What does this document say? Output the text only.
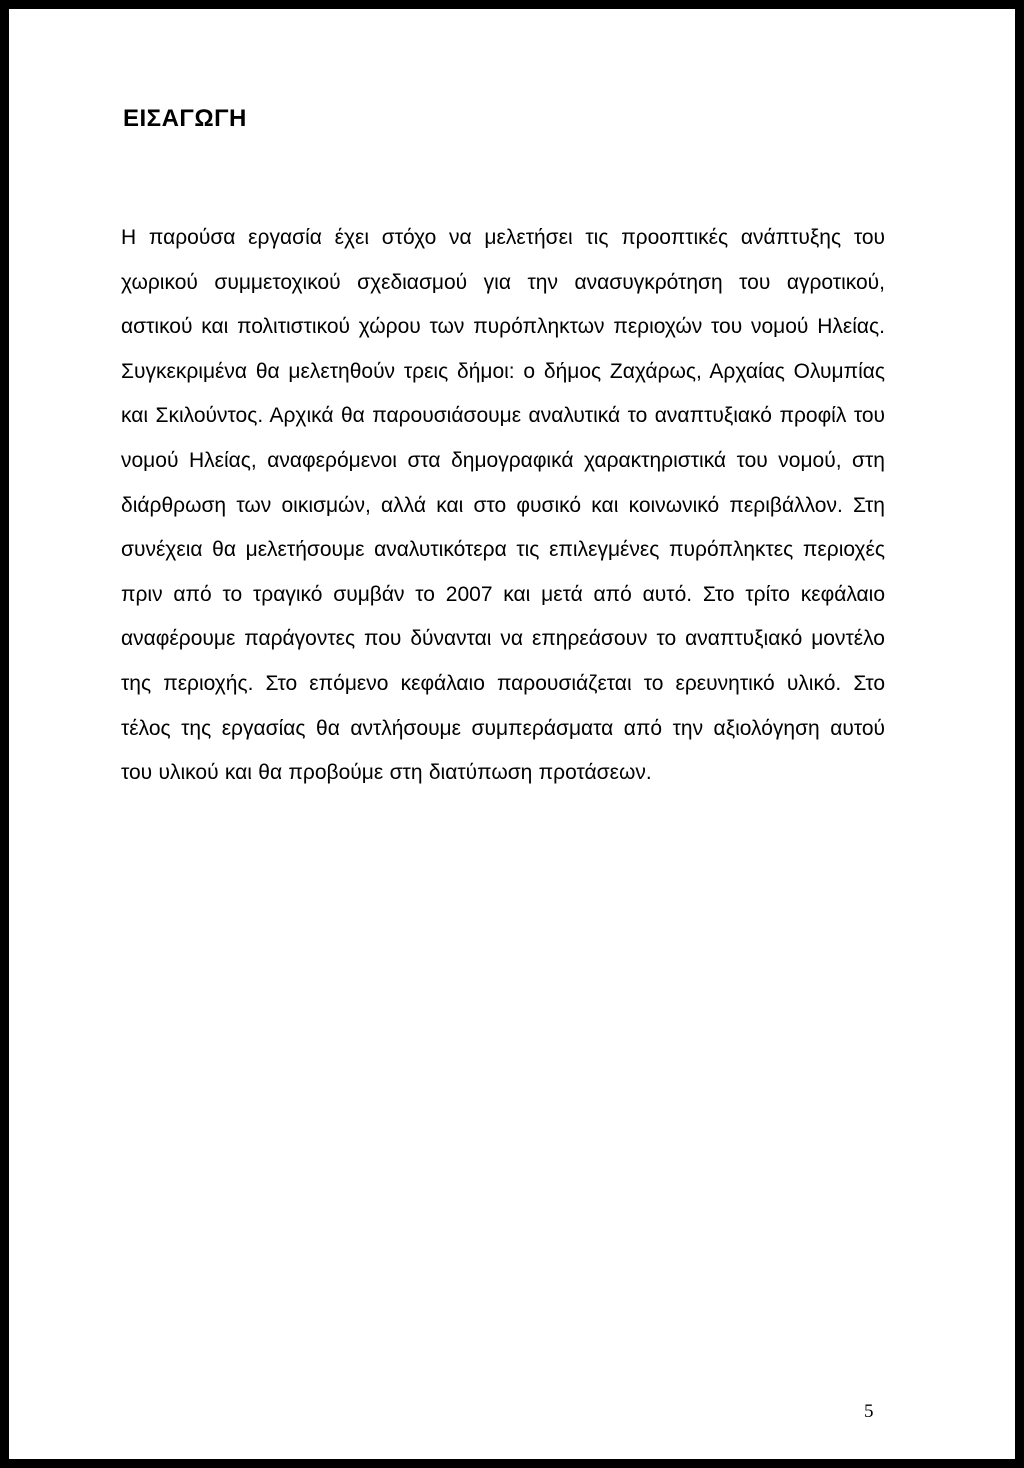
ΕΙΣΑΓΩΓΗ

Η παρούσα εργασία έχει στόχο να μελετήσει τις προοπτικές ανάπτυξης του χωρικού συμμετοχικού σχεδιασμού για την ανασυγκρότηση του αγροτικού, αστικού και πολιτιστικού χώρου των πυρόπληκτων περιοχών του νομού Ηλείας. Συγκεκριμένα θα μελετηθούν τρεις δήμοι: ο δήμος Ζαχάρως, Αρχαίας Ολυμπίας και Σκιλούντος. Αρχικά θα παρουσιάσουμε αναλυτικά το αναπτυξιακό προφίλ του νομού Ηλείας, αναφερόμενοι στα δημογραφικά χαρακτηριστικά του νομού, στη διάρθρωση των οικισμών, αλλά και στο φυσικό και κοινωνικό περιβάλλον. Στη συνέχεια θα μελετήσουμε αναλυτικότερα τις επιλεγμένες πυρόπληκτες περιοχές πριν από το τραγικό συμβάν το 2007 και μετά από αυτό. Στο τρίτο κεφάλαιο αναφέρουμε παράγοντες που δύνανται να επηρεάσουν το αναπτυξιακό μοντέλο της περιοχής. Στο επόμενο κεφάλαιο παρουσιάζεται το ερευνητικό υλικό. Στο τέλος της εργασίας θα αντλήσουμε συμπεράσματα από την αξιολόγηση αυτού του υλικού και θα προβούμε στη διατύπωση προτάσεων.

5
